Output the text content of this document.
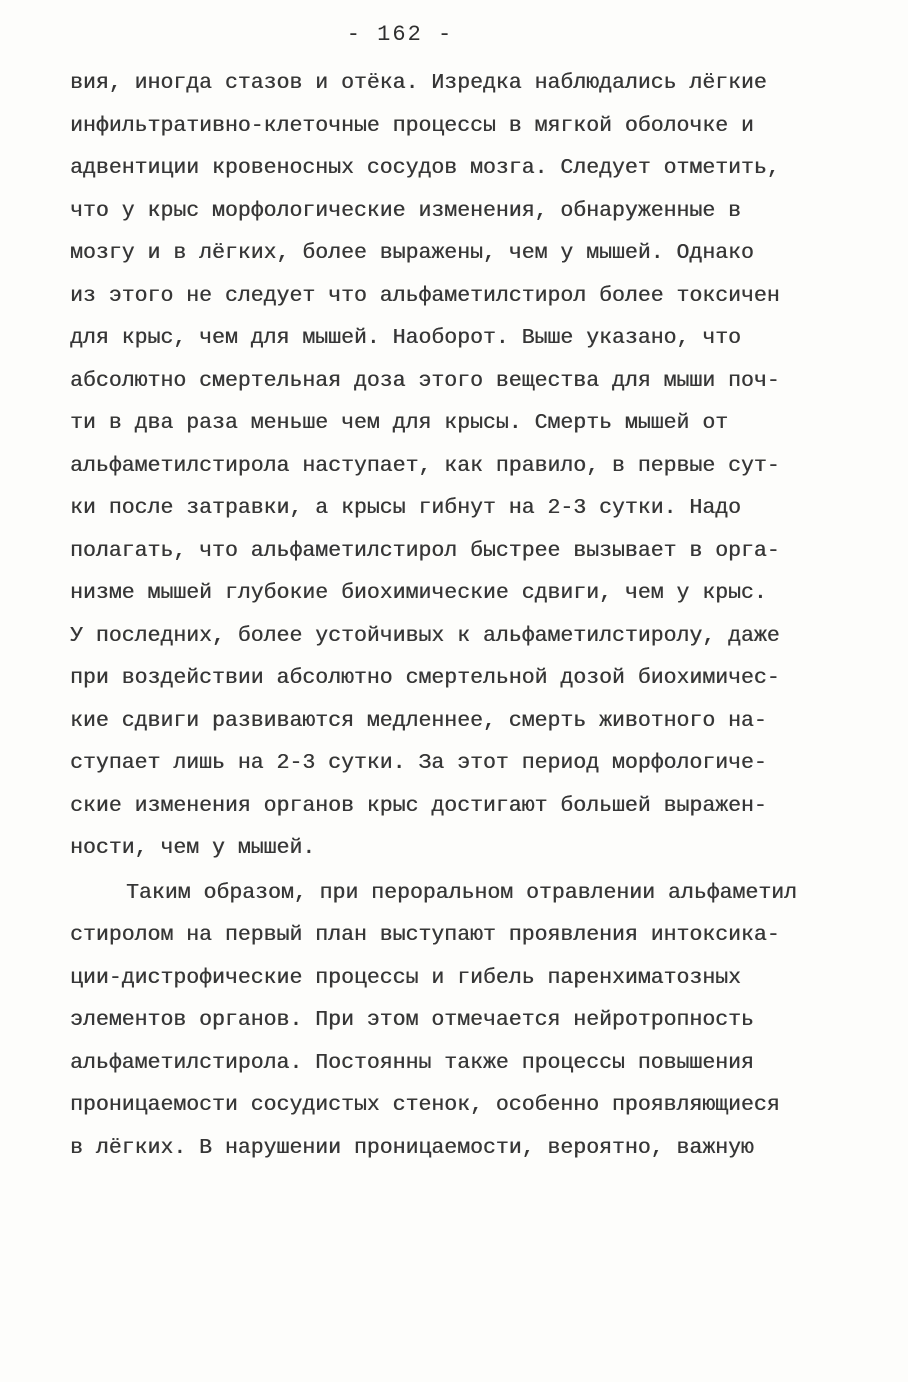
- 162 -
вия, иногда стазов и отёка. Изредка наблюдались лёгкие
инфильтративно-клеточные процессы в мягкой оболочке и
адвентиции кровеносных сосудов мозга. Следует отметить,
что у крыс морфологические изменения, обнаруженные в
мозгу и в лёгких, более выражены, чем у мышей. Однако
из этого не следует что альфаметилстирол более токсичен
для крыс, чем для мышей. Наоборот. Выше указано, что
абсолютно смертельная доза этого вещества для мыши поч-
ти в два раза меньше чем для крысы. Смерть мышей от
альфаметилстирола наступает, как правило, в первые сут-
ки после затравки, а крысы гибнут на 2-3 сутки. Надо
полагать, что альфаметилстирол быстрее вызывает в орга-
низме мышей глубокие биохимические сдвиги, чем у крыс.
У последних, более устойчивых к альфаметилстиролу, даже
при воздействии абсолютно смертельной дозой биохимичес-
кие сдвиги развиваются медленнее, смерть животного на-
ступает лишь на 2-3 сутки. За этот период морфологиче-
ские изменения органов крыс достигают большей выражен-
ности, чем у мышей.
Таким образом, при пероральном отравлении альфаметил
стиролом на первый план выступают проявления интоксика-
ции-дистрофические процессы и гибель паренхиматозных
элементов органов. При этом отмечается нейротропность
альфаметилстирола. Постоянны также процессы повышения
проницаемости сосудистых стенок, особенно проявляющиеся
в лёгких. В нарушении проницаемости, вероятно, важную
